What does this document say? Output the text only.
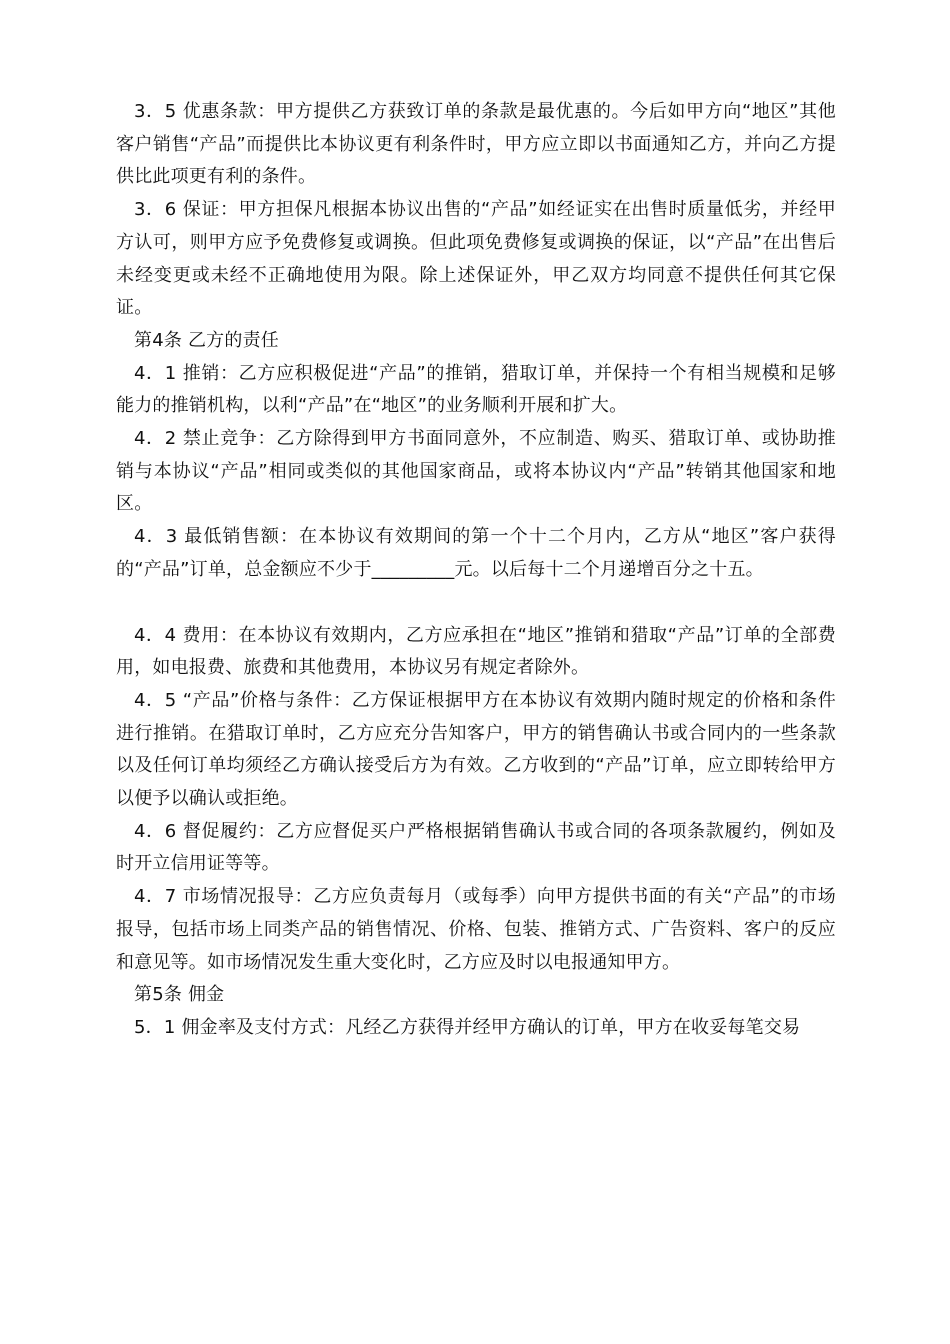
3．5 优惠条款：甲方提供乙方获致订单的条款是最优惠的。今后如甲方向“地区”其他客户销售“产品”而提供比本协议更有利条件时，甲方应立即以书面通知乙方，并向乙方提供比此项更有利的条件。

3．6 保证：甲方担保凡根据本协议出售的“产品”如经证实在出售时质量低劣，并经甲方认可，则甲方应予免费修复或调换。但此项免费修复或调换的保证，以“产品”在出售后未经变更或未经不正确地使用为限。除上述保证外，甲乙双方均同意不提供任何其它保证。

第4条 乙方的责任

4．1 推销：乙方应积极促进“产品”的推销，猎取订单，并保持一个有相当规模和足够能力的推销机构，以利“产品”在“地区”的业务顺利开展和扩大。

4．2 禁止竞争：乙方除得到甲方书面同意外，不应制造、购买、猎取订单、或协助推销与本协议“产品”相同或类似的其他国家商品，或将本协议内“产品”转销其他国家和地区。

4．3 最低销售额：在本协议有效期间的第一个十二个月内，乙方从“地区”客户获得的“产品”订单，总金额应不少于_________元。以后每十二个月递增百分之十五。

4．4 费用：在本协议有效期内，乙方应承担在“地区”推销和猎取“产品”订单的全部费用，如电报费、旅费和其他费用，本协议另有规定者除外。

4．5 “产品”价格与条件：乙方保证根据甲方在本协议有效期内随时规定的价格和条件进行推销。在猎取订单时，乙方应充分告知客户，甲方的销售确认书或合同内的一些条款以及任何订单均须经乙方确认接受后方为有效。乙方收到的“产品”订单，应立即转给甲方以便予以确认或拒绝。

4．6 督促履约：乙方应督促买户严格根据销售确认书或合同的各项条款履约，例如及时开立信用证等等。

4．7 市场情况报导：乙方应负责每月（或每季）向甲方提供书面的有关“产品”的市场报导，包括市场上同类产品的销售情况、价格、包装、推销方式、广告资料、客户的反应和意见等。如市场情况发生重大变化时，乙方应及时以电报通知甲方。

第5条 佣金

5．1 佣金率及支付方式：凡经乙方获得并经甲方确认的订单，甲方在收妥每笔交易
